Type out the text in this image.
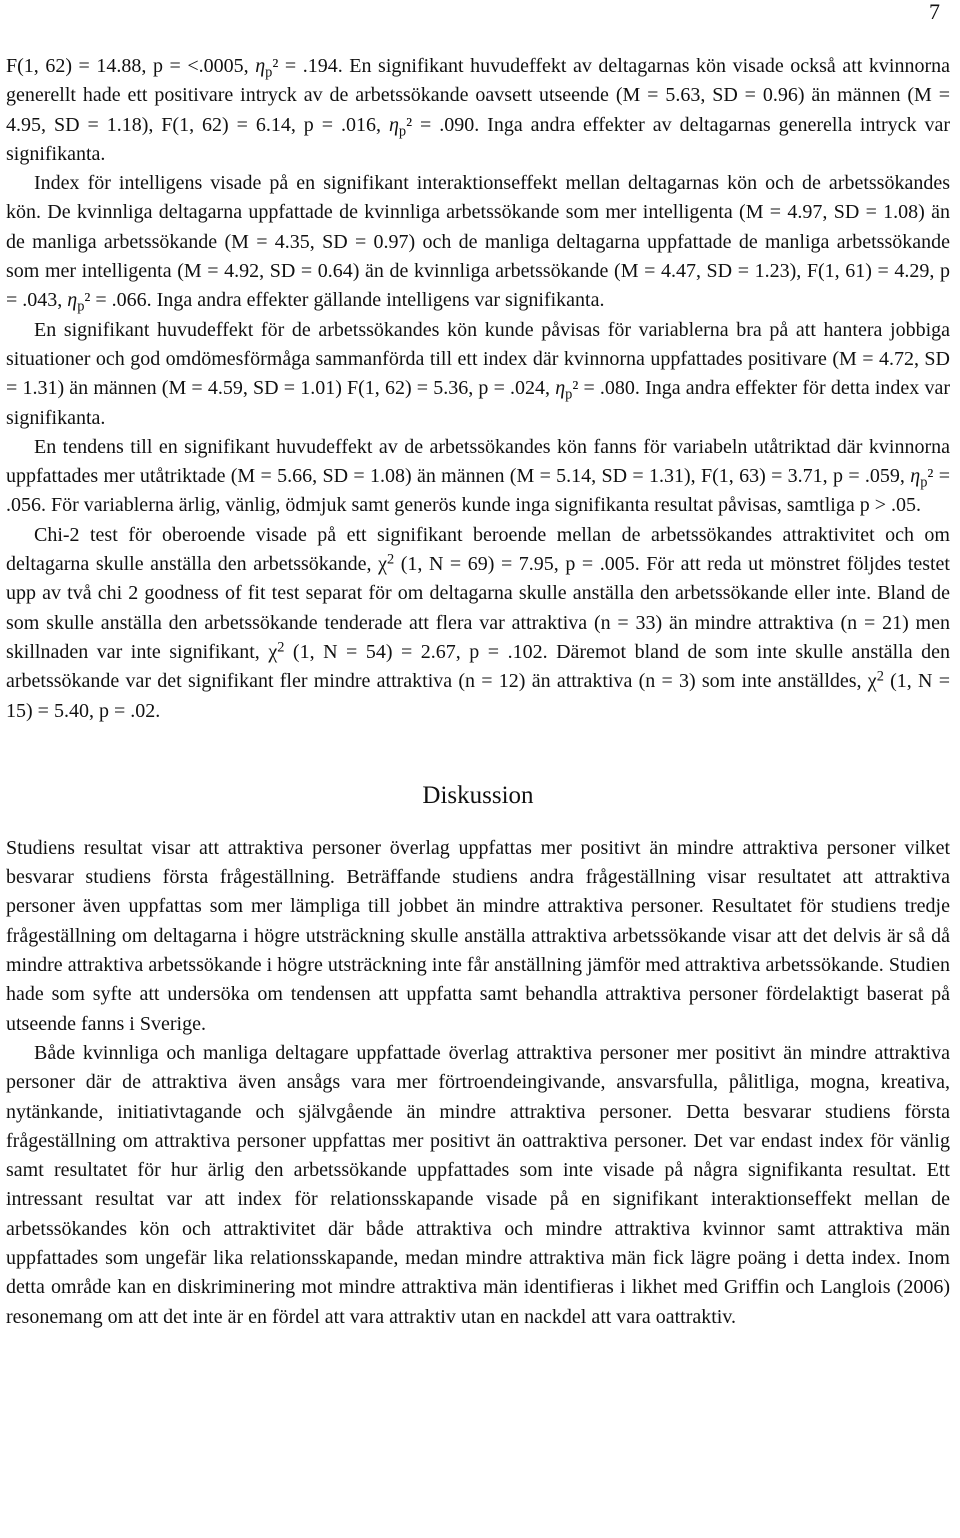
7

F(1, 62) = 14.88, p = <.0005, $\eta_p^2 = .194$. En signifikant huvudeffekt av deltagarnas kön visade också att kvinnorna generellt hade ett positivare intryck av de arbetssökande oavsett utseende (M = 5.63, SD = 0.96) än männen (M = 4.95, SD = 1.18), F(1, 62) = 6.14, p = .016, $\eta_p^2 = .090$. Inga andra effekter av deltagarnas generella intryck var signifikanta.

Index för intelligens visade på en signifikant interaktionseffekt mellan deltagarnas kön och de arbetssökandes kön. De kvinnliga deltagarna uppfattade de kvinnliga arbetssökande som mer intelligenta (M = 4.97, SD = 1.08) än de manliga arbetssökande (M = 4.35, SD = 0.97) och de manliga deltagarna uppfattade de manliga arbetssökande som mer intelligenta (M = 4.92, SD = 0.64) än de kvinnliga arbetssökande (M = 4.47, SD = 1.23), F(1, 61) = 4.29, p = .043, $\eta_p^2 = .066$. Inga andra effekter gällande intelligens var signifikanta.

En signifikant huvudeffekt för de arbetssökandes kön kunde påvisas för variablerna bra på att hantera jobbiga situationer och god omdömesförmåga sammanförda till ett index där kvinnorna uppfattades positivare (M = 4.72, SD = 1.31) än männen (M = 4.59, SD = 1.01) F(1, 62) = 5.36, p = .024, $\eta_p^2 = .080$. Inga andra effekter för detta index var signifikanta.

En tendens till en signifikant huvudeffekt av de arbetssökandes kön fanns för variabeln utåtriktad där kvinnorna uppfattades mer utåtriktade (M = 5.66, SD = 1.08) än männen (M = 5.14, SD = 1.31), F(1, 63) = 3.71, p = .059, $\eta_p^2 = .056$. För variablerna ärlig, vänlig, ödmjuk samt generös kunde inga signifikanta resultat påvisas, samtliga p > .05.

Chi-2 test för oberoende visade på ett signifikant beroende mellan de arbetssökandes attraktivitet och om deltagarna skulle anställa den arbetssökande, $\chi^2$ (1, N = 69) = 7.95, p = .005. För att reda ut mönstret följdes testet upp av två chi 2 goodness of fit test separat för om deltagarna skulle anställa den arbetssökande eller inte. Bland de som skulle anställa den arbetssökande tenderade att flera var attraktiva (n = 33) än mindre attraktiva (n = 21) men skillnaden var inte signifikant, $\chi^2$ (1, N = 54) = 2.67, p = .102. Däremot bland de som inte skulle anställa den arbetssökande var det signifikant fler mindre attraktiva (n = 12) än attraktiva (n = 3) som inte anställdes, $\chi^2$ (1, N = 15) = 5.40, p = .02.

Diskussion

Studiens resultat visar att attraktiva personer överlag uppfattas mer positivt än mindre attraktiva personer vilket besvarar studiens första frågeställning. Beträffande studiens andra frågeställning visar resultatet att attraktiva personer även uppfattas som mer lämpliga till jobbet än mindre attraktiva personer. Resultatet för studiens tredje frågeställning om deltagarna i högre utsträckning skulle anställa attraktiva arbetssökande visar att det delvis är så då mindre attraktiva arbetssökande i högre utsträckning inte får anställning jämför med attraktiva arbetssökande. Studien hade som syfte att undersöka om tendensen att uppfatta samt behandla attraktiva personer fördelaktigt baserat på utseende fanns i Sverige.

Både kvinnliga och manliga deltagare uppfattade överlag attraktiva personer mer positivt än mindre attraktiva personer där de attraktiva även ansågs vara mer förtroendeingivande, ansvarsfulla, pålitliga, mogna, kreativa, nytänkande, initiativtagande och självgående än mindre attraktiva personer. Detta besvarar studiens första frågeställning om attraktiva personer uppfattas mer positivt än oattraktiva personer. Det var endast index för vänlig samt resultatet för hur ärlig den arbetssökande uppfattades som inte visade på några signifikanta resultat. Ett intressant resultat var att index för relationsskapande visade på en signifikant interaktionseffekt mellan de arbetssökandes kön och attraktivitet där både attraktiva och mindre attraktiva kvinnor samt attraktiva män uppfattades som ungefär lika relationsskapande, medan mindre attraktiva män fick lägre poäng i detta index. Inom detta område kan en diskriminering mot mindre attraktiva män identifieras i likhet med Griffin och Langlois (2006) resonemang om att det inte är en fördel att vara attraktiv utan en nackdel att vara oattraktiv.
